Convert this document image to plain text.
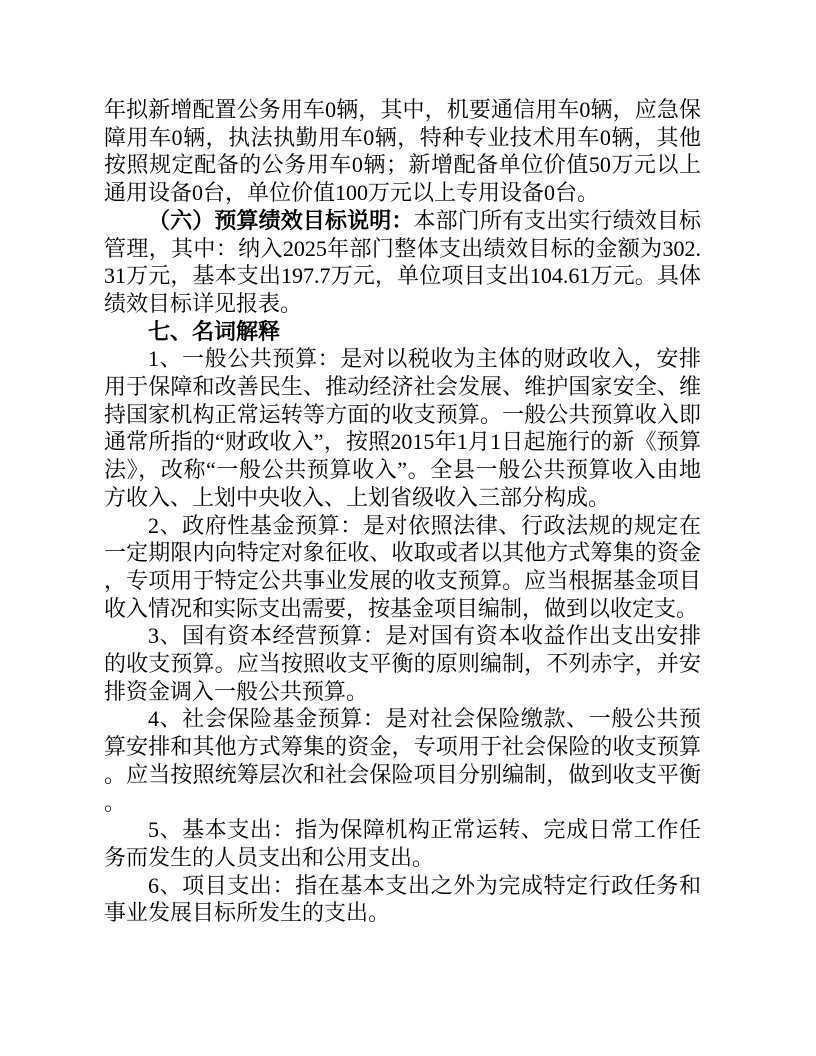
年拟新增配置公务用车0辆，其中，机要通信用车0辆，应急保障用车0辆，执法执勤用车0辆，特种专业技术用车0辆，其他按照规定配备的公务用车0辆；新增配备单位价值50万元以上通用设备0台，单位价值100万元以上专用设备0台。

（六）预算绩效目标说明：本部门所有支出实行绩效目标管理，其中：纳入2025年部门整体支出绩效目标的金额为302.31万元，基本支出197.7万元，单位项目支出104.61万元。具体绩效目标详见报表。

七、名词解释

1、一般公共预算：是对以税收为主体的财政收入，安排用于保障和改善民生、推动经济社会发展、维护国家安全、维持国家机构正常运转等方面的收支预算。一般公共预算收入即通常所指的“财政收入”，按照2015年1月1日起施行的新《预算法》，改称“一般公共预算收入”。全县一般公共预算收入由地方收入、上划中央收入、上划省级收入三部分构成。

2、政府性基金预算：是对依照法律、行政法规的规定在一定期限内向特定对象征收、收取或者以其他方式筹集的资金，专项用于特定公共事业发展的收支预算。应当根据基金项目收入情况和实际支出需要，按基金项目编制，做到以收定支。

3、国有资本经营预算：是对国有资本收益作出支出安排的收支预算。应当按照收支平衡的原则编制，不列赤字，并安排资金调入一般公共预算。

4、社会保险基金预算：是对社会保险缴款、一般公共预算安排和其他方式筹集的资金，专项用于社会保险的收支预算。应当按照统筹层次和社会保险项目分别编制，做到收支平衡。

5、基本支出：指为保障机构正常运转、完成日常工作任务而发生的人员支出和公用支出。

6、项目支出：指在基本支出之外为完成特定行政任务和事业发展目标所发生的支出。
